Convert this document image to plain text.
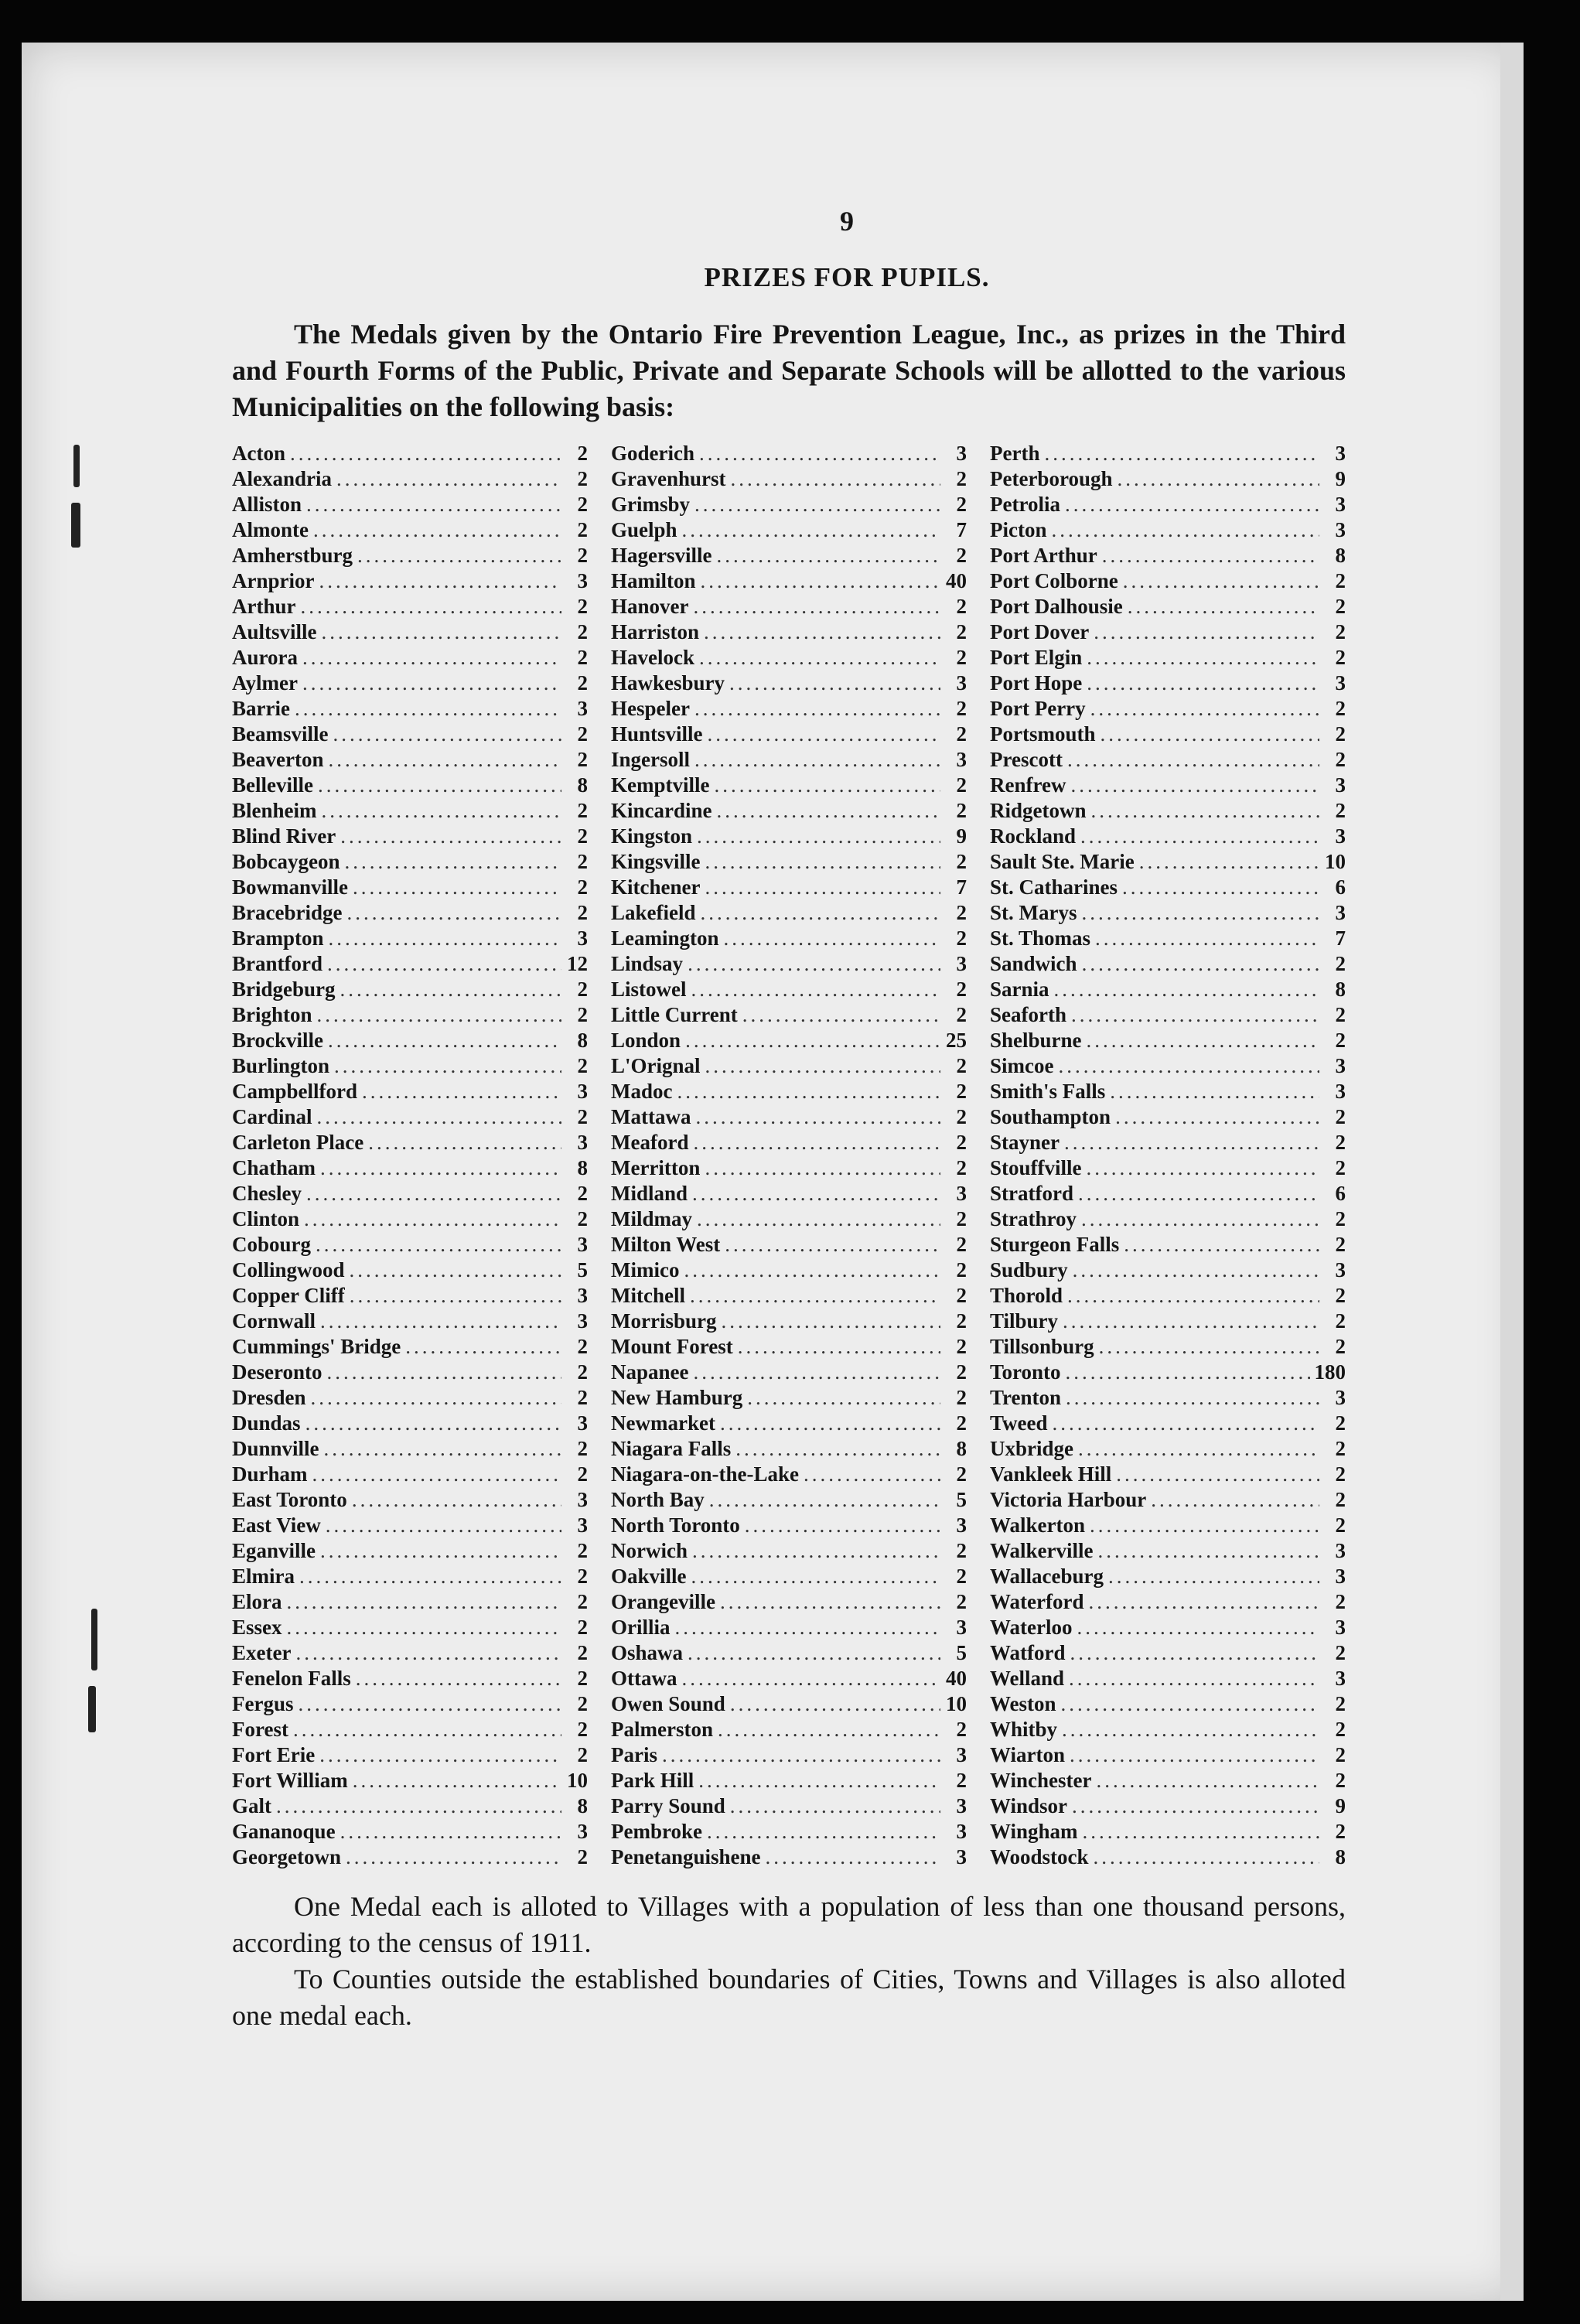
9
PRIZES FOR PUPILS.

The Medals given by the Ontario Fire Prevention League, Inc., as prizes in the Third and Fourth Forms of the Public, Private and Separate Schools will be allotted to the various Municipalities on the following basis:

Acton .....	2
Alexandria .....	2
Alliston .....	2
Almonte .....	2
Amherstburg .....	2
Arnprior .....	3
Arthur .....	2
Aultsville .....	2
Aurora .....	2
Aylmer .....	2
Barrie .....	3
Beamsville .....	2
Beaverton .....	2
Belleville .....	8
Blenheim .....	2
Blind River .....	2
Bobcaygeon .....	2
Bowmanville .....	2
Bracebridge .....	2
Brampton .....	3
Brantford .....	12
Bridgeburg .....	2
Brighton .....	2
Brockville .....	8
Burlington .....	2
Campbellford .....	3
Cardinal .....	2
Carleton Place .....	3
Chatham .....	8
Chesley .....	2
Clinton .....	2
Cobourg .....	3
Collingwood .....	5
Copper Cliff .....	3
Cornwall .....	3
Cummings' Bridge .....	2
Deseronto .....	2
Dresden .....	2
Dundas .....	3
Dunnville .....	2
Durham .....	2
East Toronto .....	3
East View .....	3
Eganville .....	2
Elmira .....	2
Elora .....	2
Essex .....	2
Exeter .....	2
Fenelon Falls .....	2
Fergus .....	2
Forest .....	2
Fort Erie .....	2
Fort William .....	10
Galt .....	8
Gananoque .....	3
Georgetown .....	2
Goderich .....	3
Gravenhurst .....	2
Grimsby .....	2
Guelph .....	7
Hagersville .....	2
Hamilton .....	40
Hanover .....	2
Harriston .....	2
Havelock .....	2
Hawkesbury .....	3
Hespeler .....	2
Huntsville .....	2
Ingersoll .....	3
Kemptville .....	2
Kincardine .....	2
Kingston .....	9
Kingsville .....	2
Kitchener .....	7
Lakefield .....	2
Leamington .....	2
Lindsay .....	3
Listowel .....	2
Little Current .....	2
London .....	25
L'Orignal .....	2
Madoc .....	2
Mattawa .....	2
Meaford .....	2
Merritton .....	2
Midland .....	3
Mildmay .....	2
Milton West .....	2
Mimico .....	2
Mitchell .....	2
Morrisburg .....	2
Mount Forest .....	2
Napanee .....	2
New Hamburg .....	2
Newmarket .....	2
Niagara Falls .....	8
Niagara-on-the-Lake .....	2
North Bay .....	5
North Toronto .....	3
Norwich .....	2
Oakville .....	2
Orangeville .....	2
Orillia .....	3
Oshawa .....	5
Ottawa .....	40
Owen Sound .....	10
Palmerston .....	2
Paris .....	3
Park Hill .....	2
Parry Sound .....	3
Pembroke .....	3
Penetanguishene .....	3
Perth .....	3
Peterborough .....	9
Petrolia .....	3
Picton .....	3
Port Arthur .....	8
Port Colborne .....	2
Port Dalhousie .....	2
Port Dover .....	2
Port Elgin .....	2
Port Hope .....	3
Port Perry .....	2
Portsmouth .....	2
Prescott .....	2
Renfrew .....	3
Ridgetown .....	2
Rockland .....	3
Sault Ste. Marie .....	10
St. Catharines .....	6
St. Marys .....	3
St. Thomas .....	7
Sandwich .....	2
Sarnia .....	8
Seaforth .....	2
Shelburne .....	2
Simcoe .....	3
Smith's Falls .....	3
Southampton .....	2
Stayner .....	2
Stouffville .....	2
Stratford .....	6
Strathroy .....	2
Sturgeon Falls .....	2
Sudbury .....	3
Thorold .....	2
Tilbury .....	2
Tillsonburg .....	2
Toronto .....	180
Trenton .....	3
Tweed .....	2
Uxbridge .....	2
Vankleek Hill .....	2
Victoria Harbour .....	2
Walkerton .....	2
Walkerville .....	3
Wallaceburg .....	3
Waterford .....	2
Waterloo .....	3
Watford .....	2
Welland .....	3
Weston .....	2
Whitby .....	2
Wiarton .....	2
Winchester .....	2
Windsor .....	9
Wingham .....	2
Woodstock .....	8

One Medal each is alloted to Villages with a population of less than one thousand persons, according to the census of 1911.

To Counties outside the established boundaries of Cities, Towns and Villages is also alloted one medal each.
